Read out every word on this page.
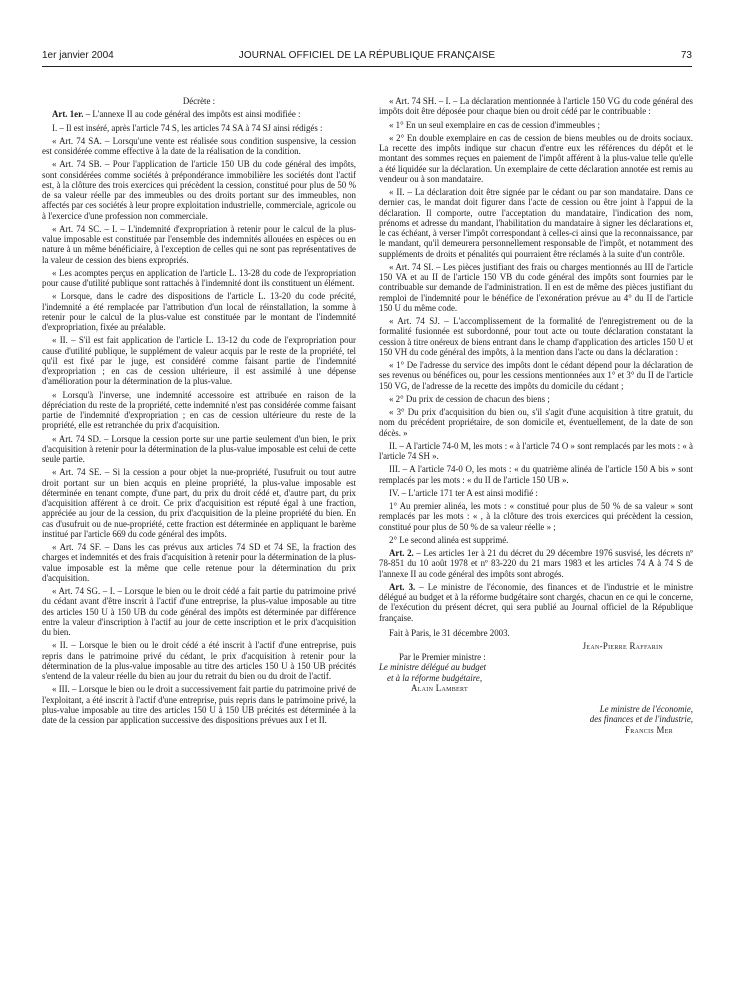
1er janvier 2004	JOURNAL OFFICIEL DE LA RÉPUBLIQUE FRANÇAISE	73

Décrète :

Art. 1er. – L'annexe II au code général des impôts est ainsi modifiée :

I. – Il est inséré, après l'article 74 S, les articles 74 SA à 74 SJ ainsi rédigés :

« Art. 74 SA. – Lorsqu'une vente est réalisée sous condition suspensive, la cession est considérée comme effective à la date de la réalisation de la condition.

« Art. 74 SB. – Pour l'application de l'article 150 UB du code général des impôts, sont considérées comme sociétés à prépondérance immobilière les sociétés dont l'actif est, à la clôture des trois exercices qui précèdent la cession, constitué pour plus de 50 % de sa valeur réelle par des immeubles ou des droits portant sur des immeubles, non affectés par ces sociétés à leur propre exploitation industrielle, commerciale, agricole ou à l'exercice d'une profession non commerciale.

« Art. 74 SC. – I. – L'indemnité d'expropriation à retenir pour le calcul de la plus-value imposable est constituée par l'ensemble des indemnités allouées en espèces ou en nature à un même bénéficiaire, à l'exception de celles qui ne sont pas représentatives de la valeur de cession des biens expropriés.

« Les acomptes perçus en application de l'article L. 13-28 du code de l'expropriation pour cause d'utilité publique sont rattachés à l'indemnité dont ils constituent un élément.

« Lorsque, dans le cadre des dispositions de l'article L. 13-20 du code précité, l'indemnité a été remplacée par l'attribution d'un local de réinstallation, la somme à retenir pour le calcul de la plus-value est constituée par le montant de l'indemnité d'expropriation, fixée au préalable.

« II. – S'il est fait application de l'article L. 13-12 du code de l'expropriation pour cause d'utilité publique, le supplément de valeur acquis par le reste de la propriété, tel qu'il est fixé par le juge, est considéré comme faisant partie de l'indemnité d'expropriation ; en cas de cession ultérieure, il est assimilé à une dépense d'amélioration pour la détermination de la plus-value.

« Lorsqu'à l'inverse, une indemnité accessoire est attribuée en raison de la dépréciation du reste de la propriété, cette indemnité n'est pas considérée comme faisant partie de l'indemnité d'expropriation ; en cas de cession ultérieure du reste de la propriété, elle est retranchée du prix d'acquisition.

« Art. 74 SD. – Lorsque la cession porte sur une partie seulement d'un bien, le prix d'acquisition à retenir pour la détermination de la plus-value imposable est celui de cette seule partie.

« Art. 74 SE. – Si la cession a pour objet la nue-propriété, l'usufruit ou tout autre droit portant sur un bien acquis en pleine propriété, la plus-value imposable est déterminée en tenant compte, d'une part, du prix du droit cédé et, d'autre part, du prix d'acquisition afférent à ce droit. Ce prix d'acquisition est réputé égal à une fraction, appréciée au jour de la cession, du prix d'acquisition de la pleine propriété du bien. En cas d'usufruit ou de nue-propriété, cette fraction est déterminée en appliquant le barème institué par l'article 669 du code général des impôts.

« Art. 74 SF. – Dans les cas prévus aux articles 74 SD et 74 SE, la fraction des charges et indemnités et des frais d'acquisition à retenir pour la détermination de la plus-value imposable est la même que celle retenue pour la détermination du prix d'acquisition.

« Art. 74 SG. – I. – Lorsque le bien ou le droit cédé a fait partie du patrimoine privé du cédant avant d'être inscrit à l'actif d'une entreprise, la plus-value imposable au titre des articles 150 U à 150 UB du code général des impôts est déterminée par différence entre la valeur d'inscription à l'actif au jour de cette inscription et le prix d'acquisition du bien.

« II. – Lorsque le bien ou le droit cédé a été inscrit à l'actif d'une entreprise, puis repris dans le patrimoine privé du cédant, le prix d'acquisition à retenir pour la détermination de la plus-value imposable au titre des articles 150 U à 150 UB précités s'entend de la valeur réelle du bien au jour du retrait du bien ou du droit de l'actif.

« III. – Lorsque le bien ou le droit a successivement fait partie du patrimoine privé de l'exploitant, a été inscrit à l'actif d'une entreprise, puis repris dans le patrimoine privé, la plus-value imposable au titre des articles 150 U à 150 UB précités est déterminée à la date de la cession par application successive des dispositions prévues aux I et II.

« Art. 74 SH. – I. – La déclaration mentionnée à l'article 150 VG du code général des impôts doit être déposée pour chaque bien ou droit cédé par le contribuable :

« 1° En un seul exemplaire en cas de cession d'immeubles ;

« 2° En double exemplaire en cas de cession de biens meubles ou de droits sociaux. La recette des impôts indique sur chacun d'entre eux les références du dépôt et le montant des sommes reçues en paiement de l'impôt afférent à la plus-value telle qu'elle a été liquidée sur la déclaration. Un exemplaire de cette déclaration annotée est remis au vendeur ou à son mandataire.

« II. – La déclaration doit être signée par le cédant ou par son mandataire. Dans ce dernier cas, le mandat doit figurer dans l'acte de cession ou être joint à l'appui de la déclaration. Il comporte, outre l'acceptation du mandataire, l'indication des nom, prénoms et adresse du mandant, l'habilitation du mandataire à signer les déclarations et, le cas échéant, à verser l'impôt correspondant à celles-ci ainsi que la reconnaissance, par le mandant, qu'il demeurera personnellement responsable de l'impôt, et notamment des suppléments de droits et pénalités qui pourraient être réclamés à la suite d'un contrôle.

« Art. 74 SI. – Les pièces justifiant des frais ou charges mentionnés au III de l'article 150 VA et au II de l'article 150 VB du code général des impôts sont fournies par le contribuable sur demande de l'administration. Il en est de même des pièces justifiant du remploi de l'indemnité pour le bénéfice de l'exonération prévue au 4° du II de l'article 150 U du même code.

« Art. 74 SJ. – L'accomplissement de la formalité de l'enregistrement ou de la formalité fusionnée est subordonné, pour tout acte ou toute déclaration constatant la cession à titre onéreux de biens entrant dans le champ d'application des articles 150 U et 150 VH du code général des impôts, à la mention dans l'acte ou dans la déclaration :

« 1° De l'adresse du service des impôts dont le cédant dépend pour la déclaration de ses revenus ou bénéfices ou, pour les cessions mentionnées aux 1° et 3° du II de l'article 150 VG, de l'adresse de la recette des impôts du domicile du cédant ;

« 2° Du prix de cession de chacun des biens ;

« 3° Du prix d'acquisition du bien ou, s'il s'agit d'une acquisition à titre gratuit, du nom du précédent propriétaire, de son domicile et, éventuellement, de la date de son décès. »

II. – A l'article 74-0 M, les mots : « à l'article 74 O » sont remplacés par les mots : « à l'article 74 SH ».

III. – A l'article 74-0 O, les mots : « du quatrième alinéa de l'article 150 A bis » sont remplacés par les mots : « du II de l'article 150 UB ».

IV. – L'article 171 ter A est ainsi modifié :

1° Au premier alinéa, les mots : « constitué pour plus de 50 % de sa valeur » sont remplacés par les mots : « , à la clôture des trois exercices qui précèdent la cession, constitué pour plus de 50 % de sa valeur réelle » ;

2° Le second alinéa est supprimé.

Art. 2. – Les articles 1er à 21 du décret du 29 décembre 1976 susvisé, les décrets nº 78-851 du 10 août 1978 et nº 83-220 du 21 mars 1983 et les articles 74 A à 74 S de l'annexe II au code général des impôts sont abrogés.

Art. 3. – Le ministre de l'économie, des finances et de l'industrie et le ministre délégué au budget et à la réforme budgétaire sont chargés, chacun en ce qui le concerne, de l'exécution du présent décret, qui sera publié au Journal officiel de la République française.

Fait à Paris, le 31 décembre 2003.

Jean-Pierre Raffarin
Par le Premier ministre :
Le ministre délégué au budget
et à la réforme budgétaire,
Alain Lambert
Le ministre de l'économie,
des finances et de l'industrie,
Francis Mer
